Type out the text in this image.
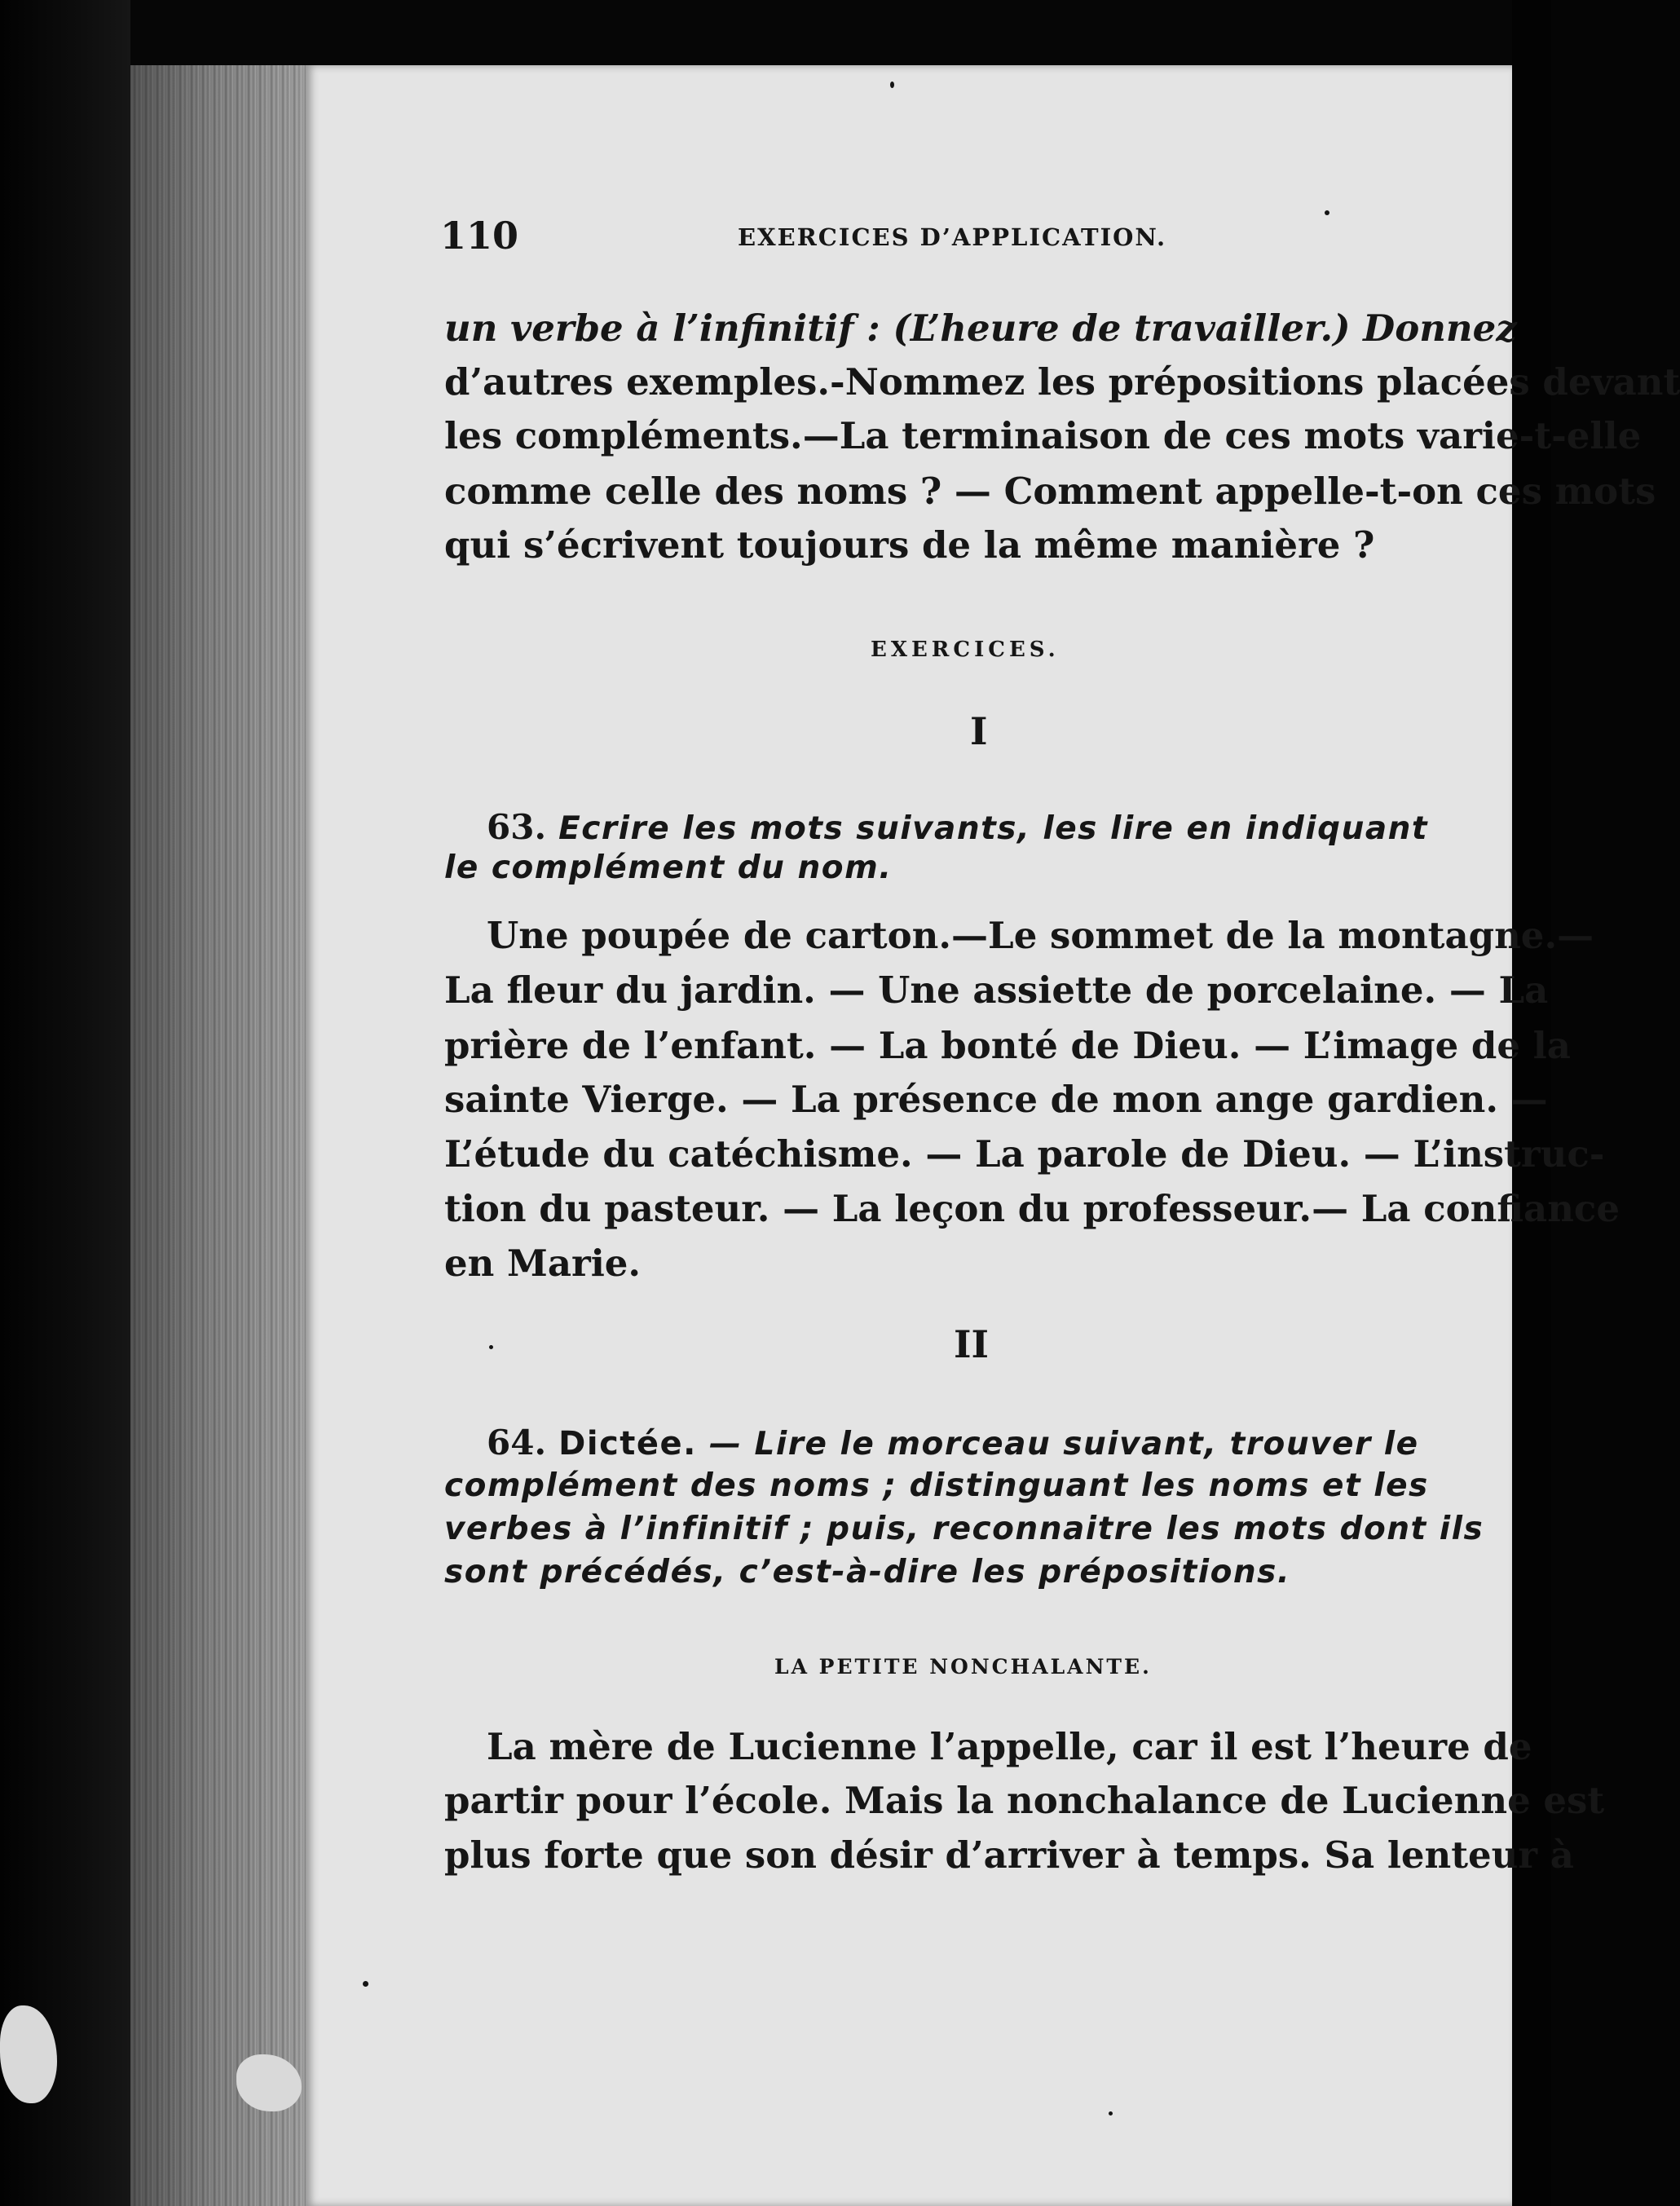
110	EXERCICES D’APPLICATION.
un verbe à l’infinitif : (L’heure de travailler.) Donnez
d’autres exemples.-Nommez les prépositions placées devant
les compléments.—La terminaison de ces mots varie-t-elle
comme celle des noms ? — Comment appelle-t-on ces mots
qui s’écrivent toujours de la même manière ?
EXERCICES.
I
63. Ecrire les mots suivants, les lire en indiquant
le complément du nom.
Une poupée de carton.—Le sommet de la montagne.—
La fleur du jardin. — Une assiette de porcelaine. — La
prière de l’enfant. — La bonté de Dieu. — L’image de la
sainte Vierge. — La présence de mon ange gardien. —
L’étude du catéchisme. — La parole de Dieu. — L’instruc-
tion du pasteur. — La leçon du professeur.— La confiance
en Marie.
II
64. Dictée. — Lire le morceau suivant, trouver le
complément des noms ; distinguant les noms et les
verbes à l’infinitif ; puis, reconnaitre les mots dont ils
sont précédés, c’est-à-dire les prépositions.
LA PETITE NONCHALANTE.
La mère de Lucienne l’appelle, car il est l’heure de
partir pour l’école. Mais la nonchalance de Lucienne est
plus forte que son désir d’arriver à temps. Sa lenteur à
